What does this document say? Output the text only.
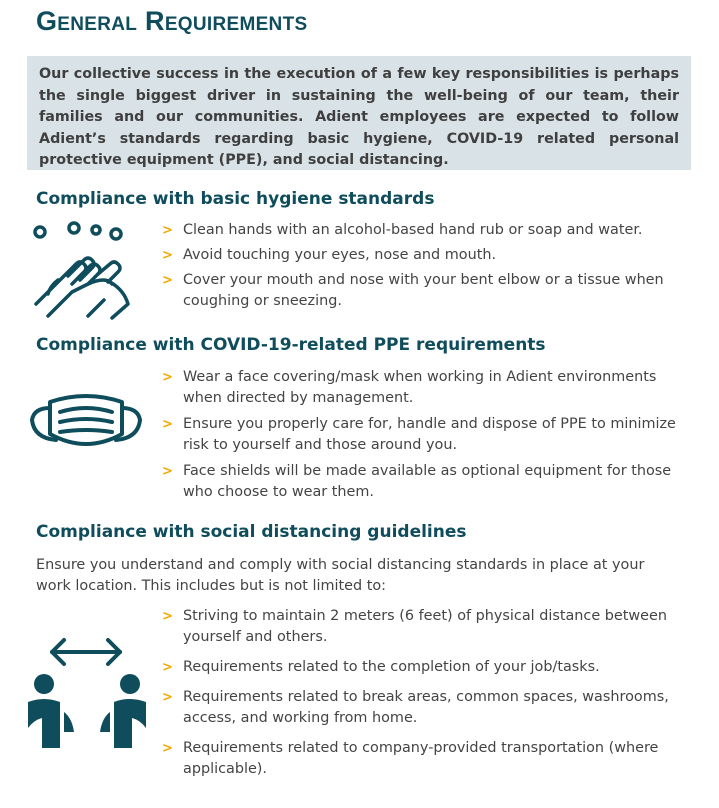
General Requirements
Our collective success in the execution of a few key responsibilities is perhaps the single biggest driver in sustaining the well-being of our team, their families and our communities. Adient employees are expected to follow Adient’s standards regarding basic hygiene, COVID-19 related personal protective equipment (PPE), and social distancing.
Compliance with basic hygiene standards
> Clean hands with an alcohol-based hand rub or soap and water.
> Avoid touching your eyes, nose and mouth.
> Cover your mouth and nose with your bent elbow or a tissue when coughing or sneezing.
Compliance with COVID-19-related PPE requirements
> Wear a face covering/mask when working in Adient environments when directed by management.
> Ensure you properly care for, handle and dispose of PPE to minimize risk to yourself and those around you.
> Face shields will be made available as optional equipment for those who choose to wear them.
Compliance with social distancing guidelines
Ensure you understand and comply with social distancing standards in place at your work location. This includes but is not limited to:
> Striving to maintain 2 meters (6 feet) of physical distance between yourself and others.
> Requirements related to the completion of your job/tasks.
> Requirements related to break areas, common spaces, washrooms, access, and working from home.
> Requirements related to company-provided transportation (where applicable).
